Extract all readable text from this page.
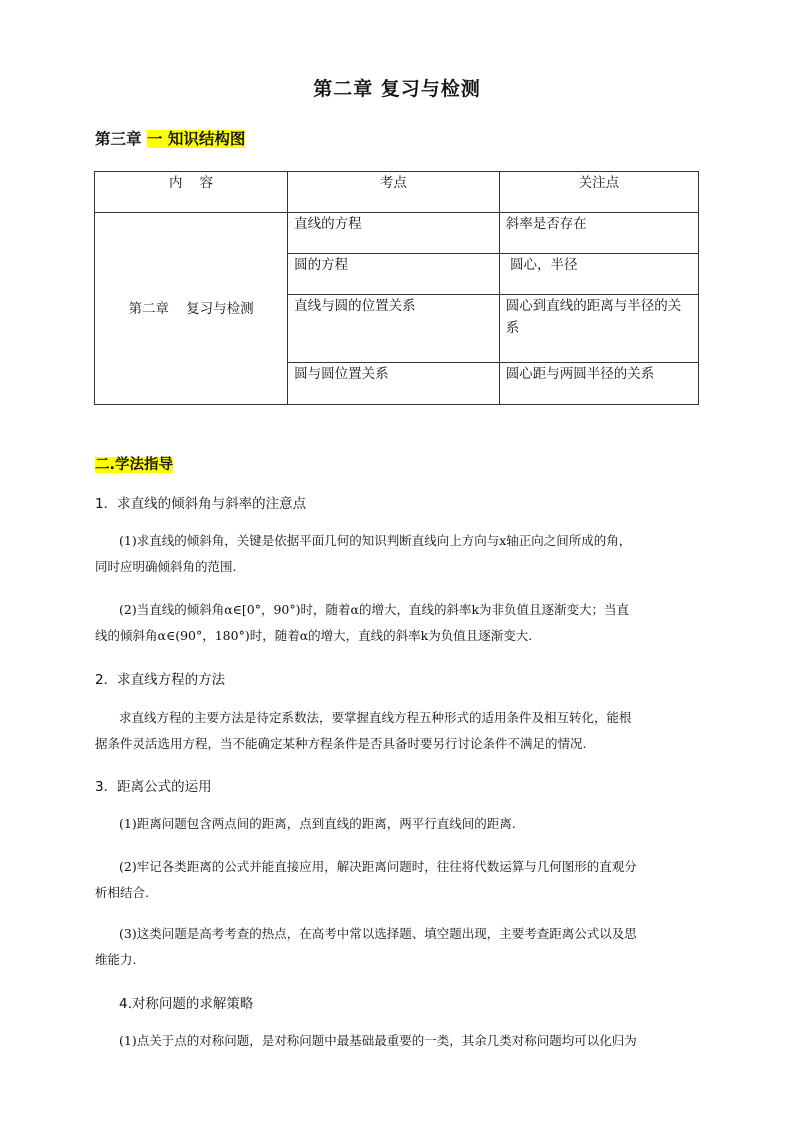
第二章 复习与检测
第三章 一 知识结构图
内    容	考点	关注点
第二章    复习与检测	直线的方程	斜率是否存在
	圆的方程	圆心，半径
	直线与圆的位置关系	圆心到直线的距离与半径的关系
	圆与圆位置关系	圆心距与两圆半径的关系
二.学法指导
1．求直线的倾斜角与斜率的注意点
(1)求直线的倾斜角，关键是依据平面几何的知识判断直线向上方向与x轴正向之间所成的角，
同时应明确倾斜角的范围.
(2)当直线的倾斜角α∈[0°，90°)时，随着α的增大，直线的斜率k为非负值且逐渐变大；当直
线的倾斜角α∈(90°，180°)时，随着α的增大，直线的斜率k为负值且逐渐变大.
2．求直线方程的方法
求直线方程的主要方法是待定系数法，要掌握直线方程五种形式的适用条件及相互转化，能根
据条件灵活选用方程，当不能确定某种方程条件是否具备时要另行讨论条件不满足的情况.
3．距离公式的运用
(1)距离问题包含两点间的距离，点到直线的距离，两平行直线间的距离.
(2)牢记各类距离的公式并能直接应用，解决距离问题时，往往将代数运算与几何图形的直观分
析相结合.
(3)这类问题是高考考查的热点，在高考中常以选择题、填空题出现，主要考查距离公式以及思
维能力.
4.对称问题的求解策略
(1)点关于点的对称问题，是对称问题中最基础最重要的一类，其余几类对称问题均可以化归为
